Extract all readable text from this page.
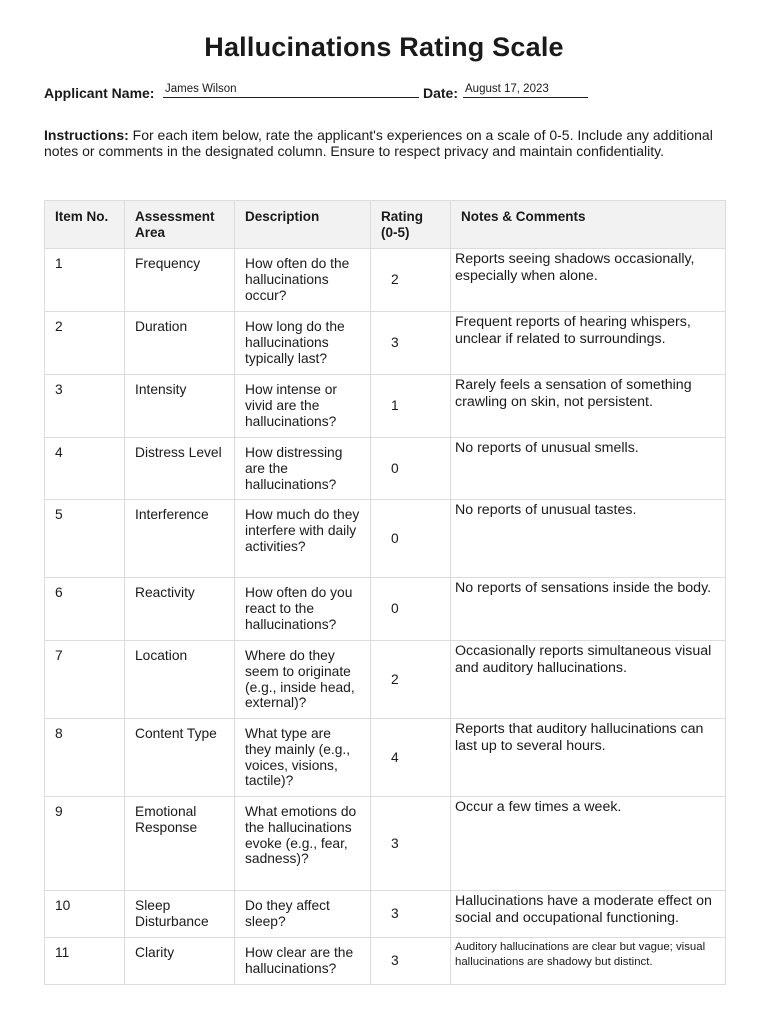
Hallucinations Rating Scale
Applicant Name: James Wilson	Date: August 17, 2023
Instructions: For each item below, rate the applicant's experiences on a scale of 0-5. Include any additional notes or comments in the designated column. Ensure to respect privacy and maintain confidentiality.
Item No.	Assessment Area	Description	Rating (0-5)	Notes & Comments
1	Frequency	How often do the hallucinations occur?	2	Reports seeing shadows occasionally, especially when alone.
2	Duration	How long do the hallucinations typically last?	3	Frequent reports of hearing whispers, unclear if related to surroundings.
3	Intensity	How intense or vivid are the hallucinations?	1	Rarely feels a sensation of something crawling on skin, not persistent.
4	Distress Level	How distressing are the hallucinations?	0	No reports of unusual smells.
5	Interference	How much do they interfere with daily activities?	0	No reports of unusual tastes.
6	Reactivity	How often do you react to the hallucinations?	0	No reports of sensations inside the body.
7	Location	Where do they seem to originate (e.g., inside head, external)?	2	Occasionally reports simultaneous visual and auditory hallucinations.
8	Content Type	What type are they mainly (e.g., voices, visions, tactile)?	4	Reports that auditory hallucinations can last up to several hours.
9	Emotional Response	What emotions do the hallucinations evoke (e.g., fear, sadness)?	3	Occur a few times a week.
10	Sleep Disturbance	Do they affect sleep?	3	Hallucinations have a moderate effect on social and occupational functioning.
11	Clarity	How clear are the hallucinations?	3	Auditory hallucinations are clear but vague; visual hallucinations are shadowy but distinct.
